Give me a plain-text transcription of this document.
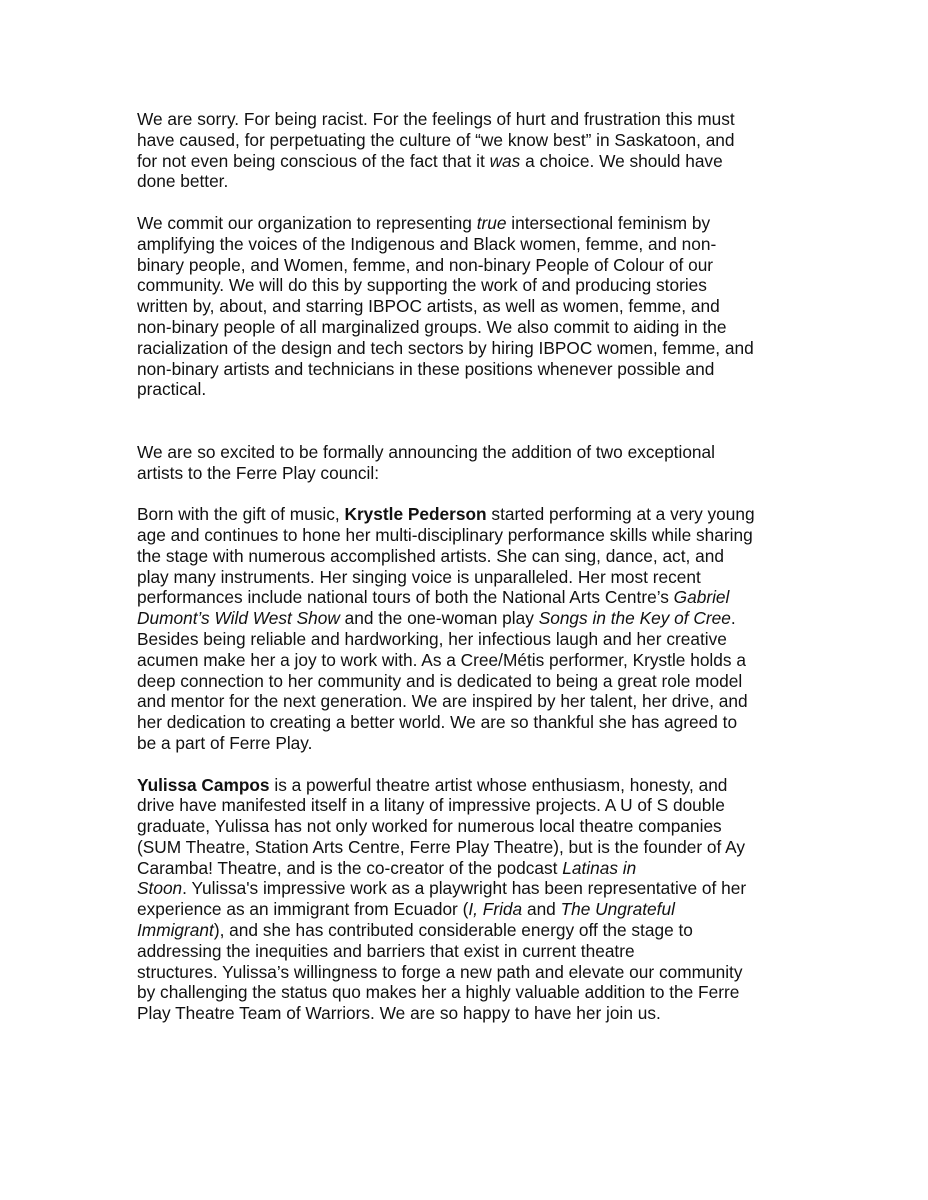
We are sorry. For being racist. For the feelings of hurt and frustration this must
have caused, for perpetuating the culture of “we know best” in Saskatoon, and
for not even being conscious of the fact that it was a choice. We should have
done better.

We commit our organization to representing true intersectional feminism by
amplifying the voices of the Indigenous and Black women, femme, and non-
binary people, and Women, femme, and non-binary People of Colour of our
community. We will do this by supporting the work of and producing stories
written by, about, and starring IBPOC artists, as well as women, femme, and
non-binary people of all marginalized groups. We also commit to aiding in the
racialization of the design and tech sectors by hiring IBPOC women, femme, and
non-binary artists and technicians in these positions whenever possible and
practical.

We are so excited to be formally announcing the addition of two exceptional
artists to the Ferre Play council:

Born with the gift of music, Krystle Pederson started performing at a very young
age and continues to hone her multi-disciplinary performance skills while sharing
the stage with numerous accomplished artists. She can sing, dance, act, and
play many instruments. Her singing voice is unparalleled. Her most recent
performances include national tours of both the National Arts Centre’s Gabriel
Dumont’s Wild West Show and the one-woman play Songs in the Key of Cree.
Besides being reliable and hardworking, her infectious laugh and her creative
acumen make her a joy to work with. As a Cree/Métis performer, Krystle holds a
deep connection to her community and is dedicated to being a great role model
and mentor for the next generation. We are inspired by her talent, her drive, and
her dedication to creating a better world. We are so thankful she has agreed to
be a part of Ferre Play.

Yulissa Campos is a powerful theatre artist whose enthusiasm, honesty, and
drive have manifested itself in a litany of impressive projects. A U of S double
graduate, Yulissa has not only worked for numerous local theatre companies
(SUM Theatre, Station Arts Centre, Ferre Play Theatre), but is the founder of Ay
Caramba! Theatre, and is the co-creator of the podcast Latinas in
Stoon. Yulissa's impressive work as a playwright has been representative of her
experience as an immigrant from Ecuador (I, Frida and The Ungrateful
Immigrant), and she has contributed considerable energy off the stage to
addressing the inequities and barriers that exist in current theatre
structures. Yulissa’s willingness to forge a new path and elevate our community
by challenging the status quo makes her a highly valuable addition to the Ferre
Play Theatre Team of Warriors. We are so happy to have her join us.
